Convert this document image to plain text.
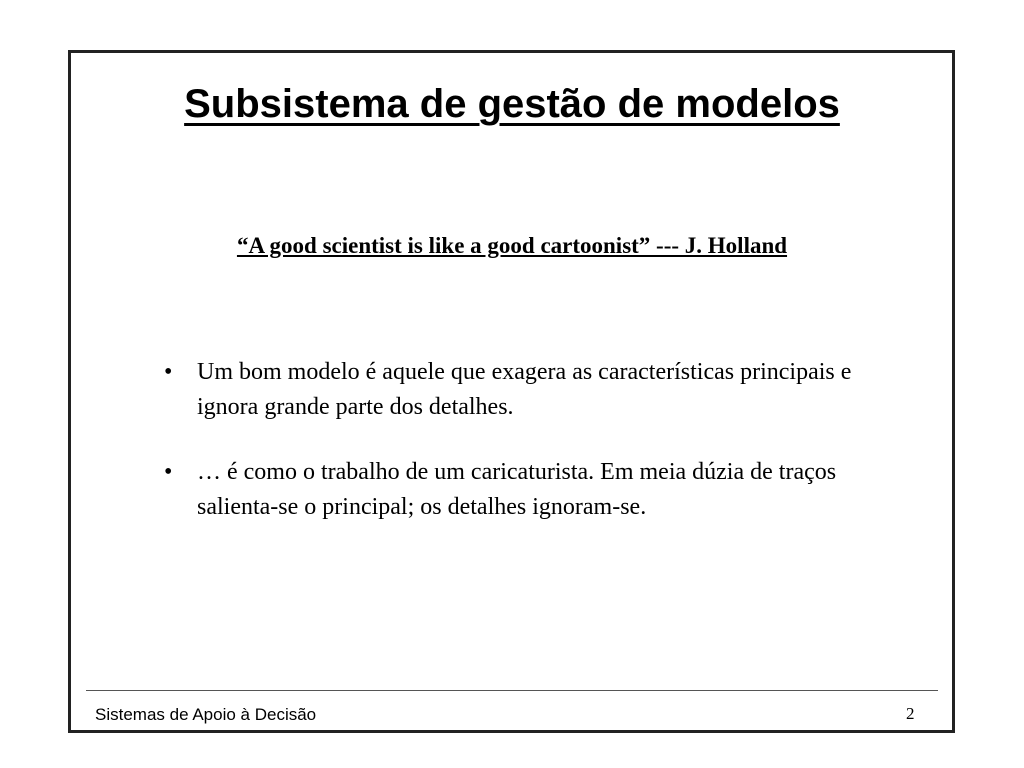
Subsistema de gestão de modelos
“A good scientist is like a good cartoonist” --- J. Holland
• Um bom modelo é aquele que exagera as características principais e ignora grande parte dos detalhes.
• … é como o trabalho de um caricaturista. Em meia dúzia de traços salienta-se o principal; os detalhes ignoram-se.
Sistemas de Apoio à Decisão	2
